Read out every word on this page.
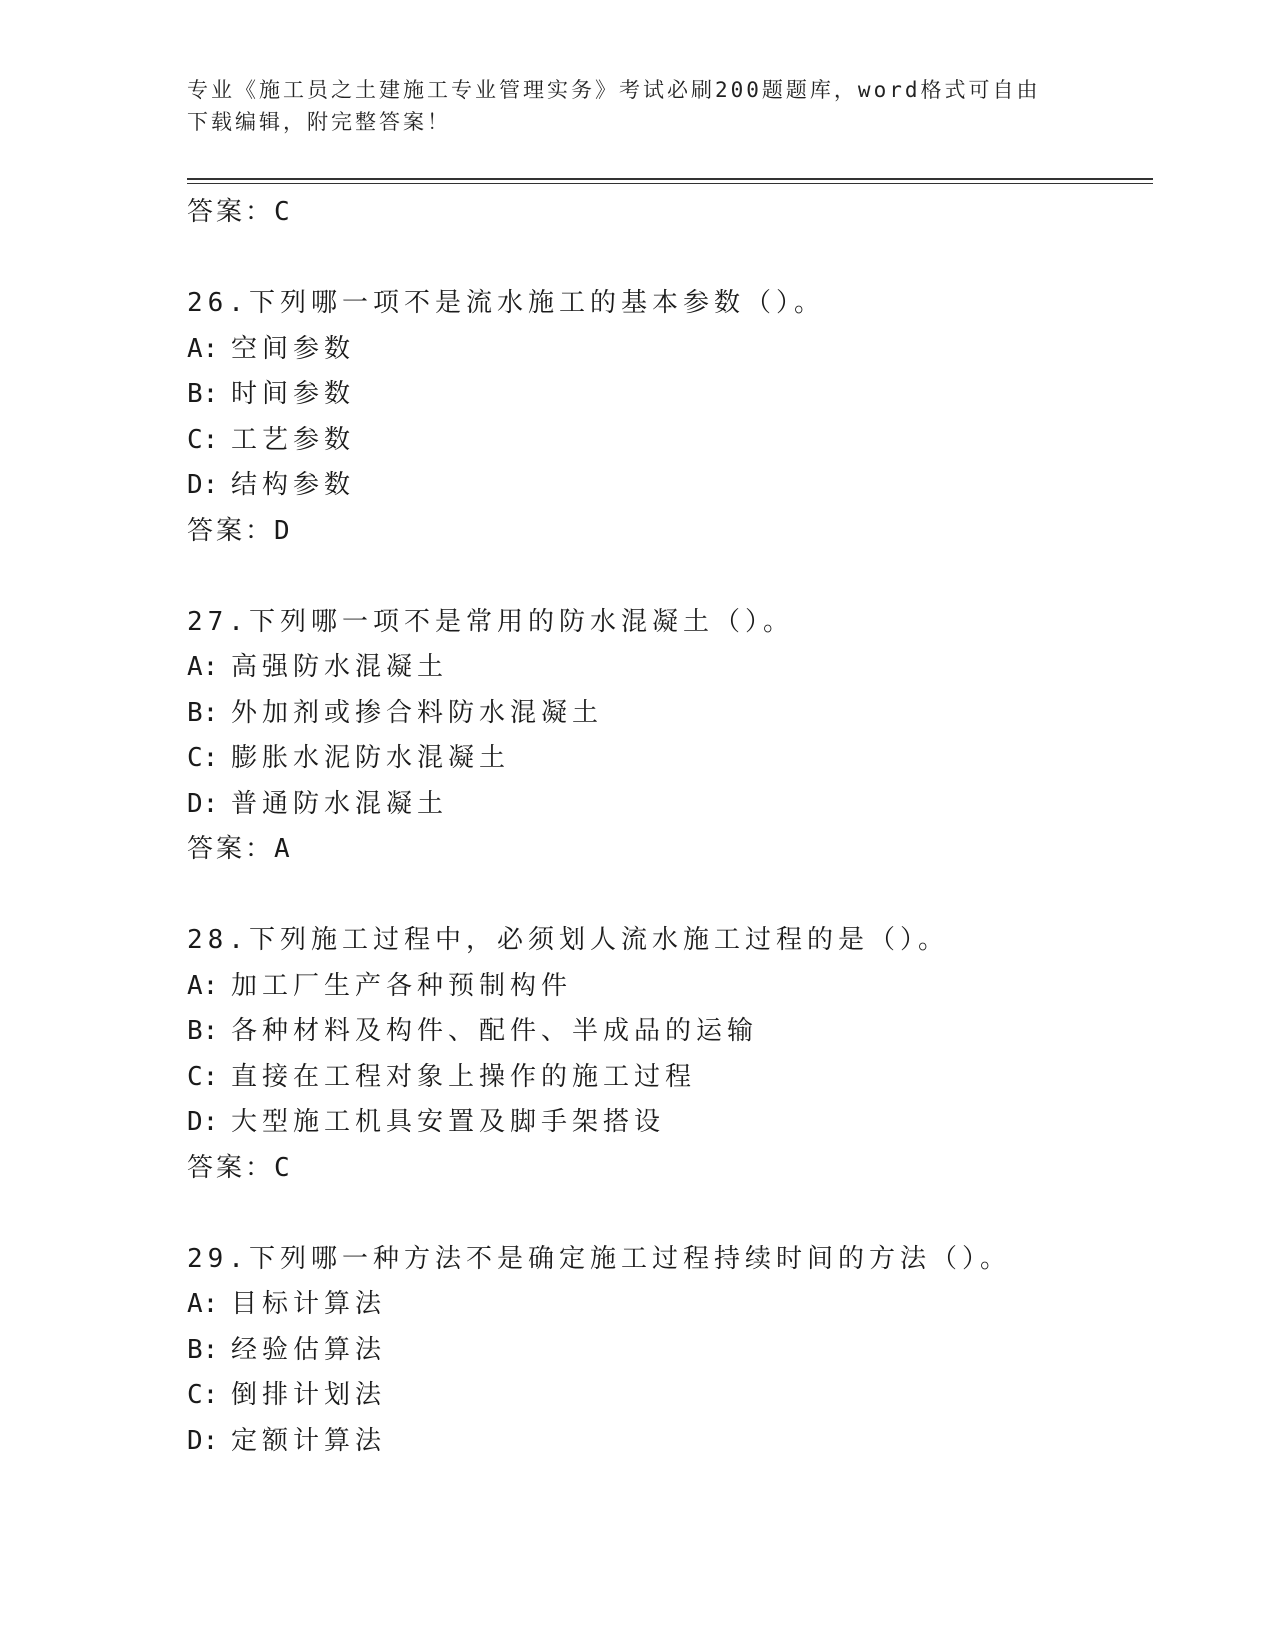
专业《施工员之土建施工专业管理实务》考试必刷200题题库，word格式可自由
下载编辑，附完整答案！
答案：C
26.下列哪一项不是流水施工的基本参数（）。
A: 空间参数
B: 时间参数
C: 工艺参数
D: 结构参数
答案：D
27.下列哪一项不是常用的防水混凝土（）。
A: 高强防水混凝土
B: 外加剂或掺合料防水混凝土
C: 膨胀水泥防水混凝土
D: 普通防水混凝土
答案：A
28.下列施工过程中，必须划人流水施工过程的是（）。
A: 加工厂生产各种预制构件
B: 各种材料及构件、配件、半成品的运输
C: 直接在工程对象上操作的施工过程
D: 大型施工机具安置及脚手架搭设
答案：C
29.下列哪一种方法不是确定施工过程持续时间的方法（）。
A: 目标计算法
B: 经验估算法
C: 倒排计划法
D: 定额计算法
